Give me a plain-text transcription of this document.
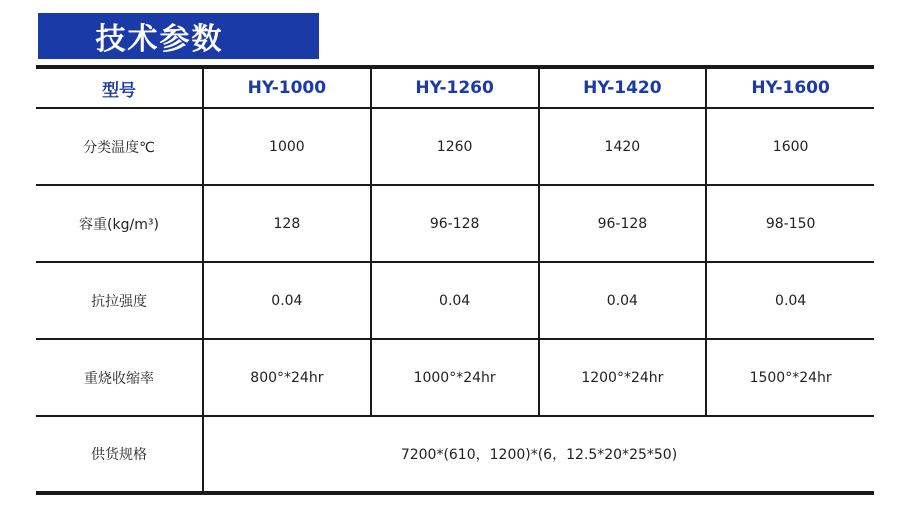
技术参数
型号	HY-1000	HY-1260	HY-1420	HY-1600
分类温度℃	1000	1260	1420	1600
容重(kg/m³)	128	96-128	96-128	98-150
抗拉强度	0.04	0.04	0.04	0.04
重烧收缩率	800°*24hr	1000°*24hr	1200°*24hr	1500°*24hr
供货规格	7200*(610，1200)*(6，12.5*20*25*50)			
